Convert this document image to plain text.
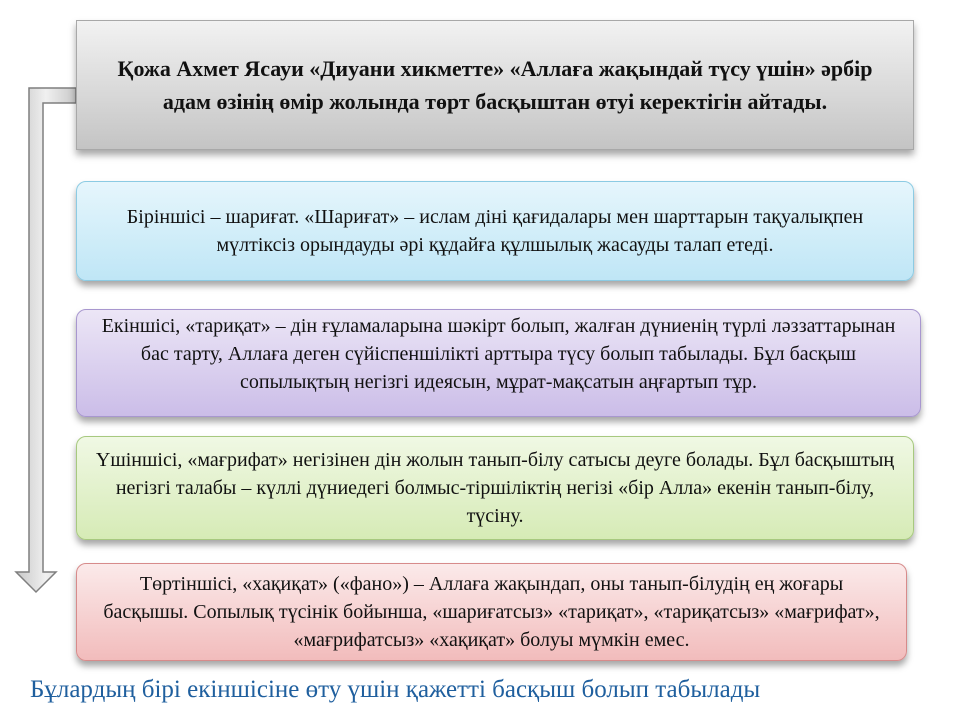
Қожа Ахмет Ясауи «Диуани хикметте» «Аллаға жақындай түсу үшін» әрбір адам өзінің өмір жолында төрт басқыштан өтуі керектігін айтады.
Біріншісі – шариғат. «Шариғат» – ислам діні қағидалары мен шарттарын тақуалықпен мүлтіксіз орындауды әрі құдайға құлшылық жасауды талап етеді.
Екіншісі, «тариқат» – дін ғұламаларына шәкірт болып, жалған дүниенің түрлі ләззаттарынан бас тарту, Аллаға деген сүйіспеншілікті арттыра түсу болып табылады. Бұл басқыш сопылықтың негізгі идеясын, мұрат-мақсатын аңғартып тұр.
Үшіншісі, «мағрифат» негізінен дін жолын танып-білу сатысы деуге болады. Бұл басқыштың негізгі талабы – күллі дүниедегі болмыс-тіршіліктің негізі «бір Алла» екенін танып-білу, түсіну.
Төртіншісі, «хақиқат» («фано») – Аллаға жақындап, оны танып-білудің ең жоғары басқышы. Сопылық түсінік бойынша, «шариғатсыз» «тариқат», «тариқатсыз» «мағрифат», «мағрифатсыз» «хақиқат» болуы мүмкін емес.
Бұлардың бірі екіншісіне өту үшін қажетті басқыш болып табылады
